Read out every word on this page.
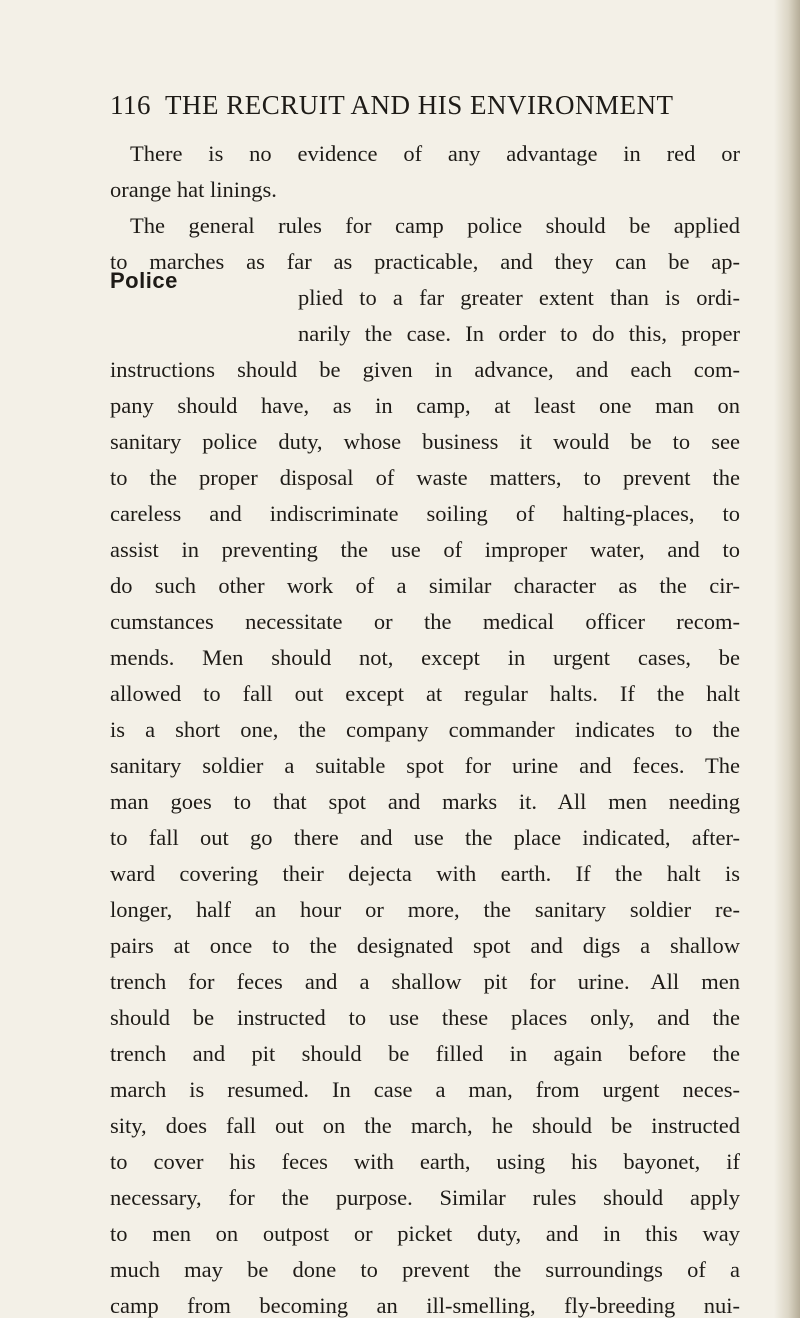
116 THE RECRUIT AND HIS ENVIRONMENT
Police
There is no evidence of any advantage in red or
orange hat linings.
The general rules for camp police should be applied
to marches as far as practicable, and they can be ap-
plied to a far greater extent than is ordi-
narily the case. In order to do this, proper
instructions should be given in advance, and each com-
pany should have, as in camp, at least one man on
sanitary police duty, whose business it would be to see
to the proper disposal of waste matters, to prevent the
careless and indiscriminate soiling of halting-places, to
assist in preventing the use of improper water, and to
do such other work of a similar character as the cir-
cumstances necessitate or the medical officer recom-
mends. Men should not, except in urgent cases, be
allowed to fall out except at regular halts. If the halt
is a short one, the company commander indicates to the
sanitary soldier a suitable spot for urine and feces. The
man goes to that spot and marks it. All men needing
to fall out go there and use the place indicated, after-
ward covering their dejecta with earth. If the halt is
longer, half an hour or more, the sanitary soldier re-
pairs at once to the designated spot and digs a shallow
trench for feces and a shallow pit for urine. All men
should be instructed to use these places only, and the
trench and pit should be filled in again before the
march is resumed. In case a man, from urgent neces-
sity, does fall out on the march, he should be instructed
to cover his feces with earth, using his bayonet, if
necessary, for the purpose. Similar rules should apply
to men on outpost or picket duty, and in this way
much may be done to prevent the surroundings of a
camp from becoming an ill-smelling, fly-breeding nui-
